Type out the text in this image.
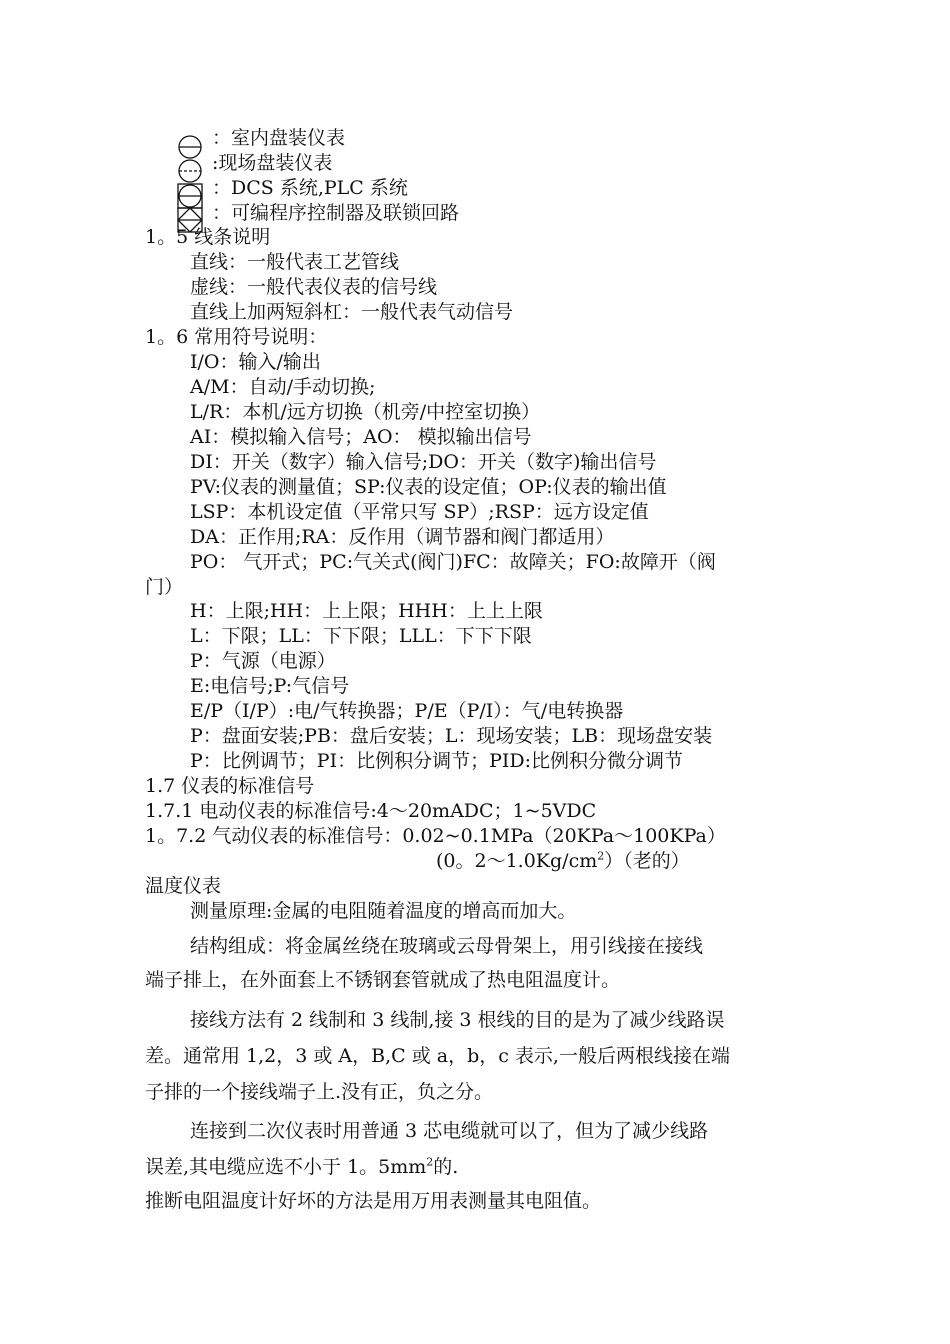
：室内盘装仪表
:现场盘装仪表
：DCS 系统,PLC 系统
：可编程序控制器及联锁回路
1。5 线条说明
直线：一般代表工艺管线
虚线：一般代表仪表的信号线
直线上加两短斜杠：一般代表气动信号
1。6 常用符号说明：
I/O：输入/输出
A/M：自动/手动切换;
L/R：本机/远方切换（机旁/中控室切换）
AI：模拟输入信号；AO： 模拟输出信号
DI：开关（数字）输入信号;DO：开关（数字)输出信号
PV:仪表的测量值；SP:仪表的设定值；OP:仪表的输出值
LSP：本机设定值（平常只写 SP）;RSP：远方设定值
DA：正作用;RA：反作用（调节器和阀门都适用）
PO： 气开式；PC:气关式(阀门)FC：故障关；FO:故障开（阀
门）
H：上限;HH：上上限；HHH：上上上限
L：下限；LL：下下限；LLL：下下下限
P：气源（电源）
E:电信号;P:气信号
E/P（I/P）:电/气转换器；P/E（P/I）：气/电转换器
P：盘面安装;PB：盘后安装；L：现场安装；LB：现场盘安装
P：比例调节；PI：比例积分调节；PID:比例积分微分调节
1.7 仪表的标准信号
1.7.1 电动仪表的标准信号:4～20mADC；1~5VDC
1。7.2 气动仪表的标准信号：0.02~0.1MPa（20KPa～100KPa）
(0。$2\sim 1.0Kg/cm^2$）（老的）
温度仪表
测量原理:金属的电阻随着温度的增高而加大。
结构组成：将金属丝绕在玻璃或云母骨架上，用引线接在接线
端子排上，在外面套上不锈钢套管就成了热电阻温度计。
接线方法有 2 线制和 3 线制,接 3 根线的目的是为了减少线路误
差。通常用 1,2，3 或 A，B,C 或 a，b，c 表示,一般后两根线接在端
子排的一个接线端子上.没有正，负之分。
连接到二次仪表时用普通 3 芯电缆就可以了，但为了减少线路
误差,其电缆应选不小于 1。$5mm^2$的.
推断电阻温度计好坏的方法是用万用表测量其电阻值。
